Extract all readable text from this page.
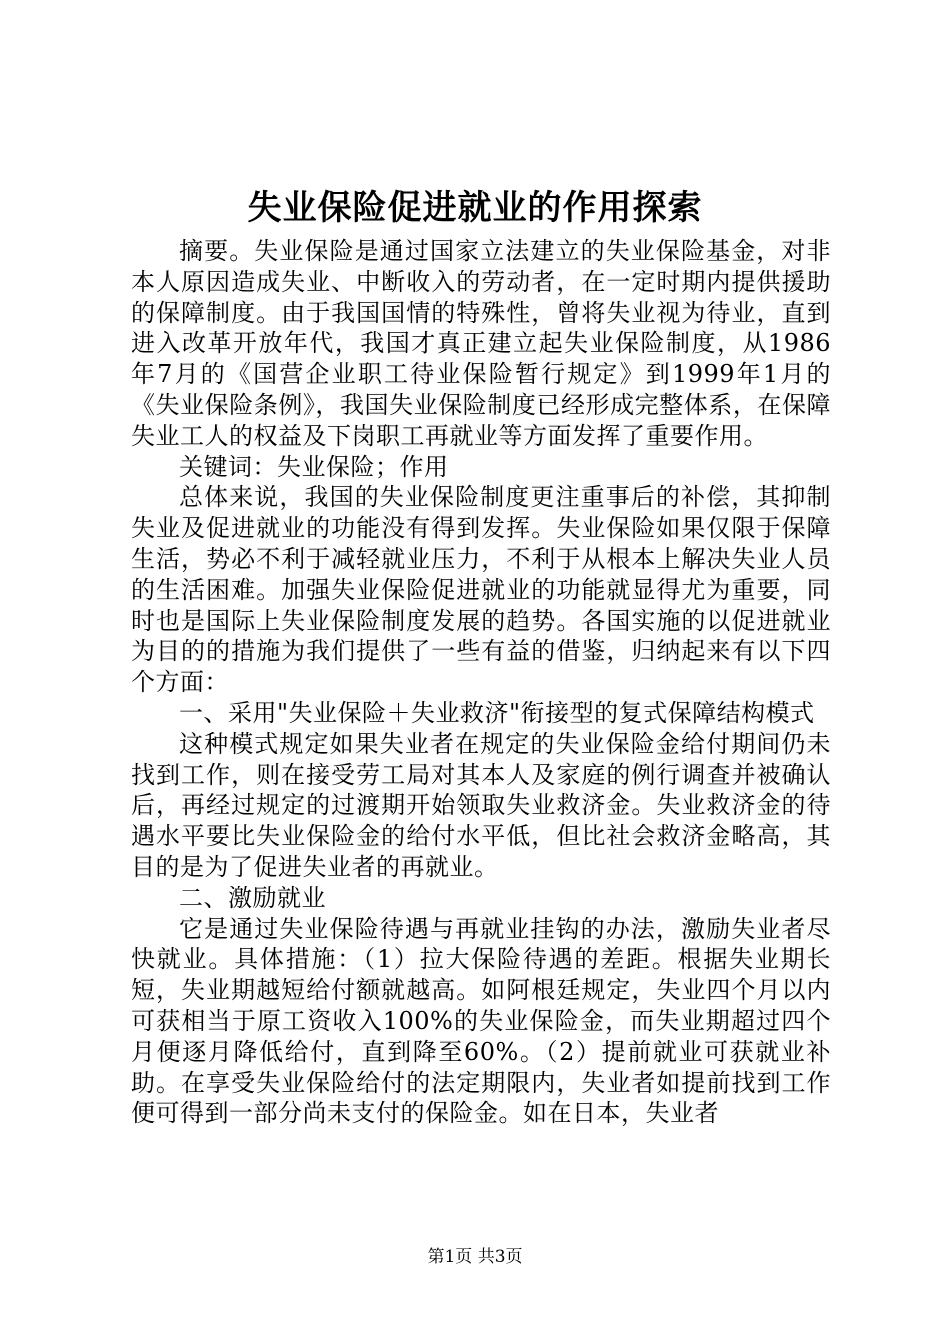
失业保险促进就业的作用探索

摘要。失业保险是通过国家立法建立的失业保险基金，对非本人原因造成失业、中断收入的劳动者，在一定时期内提供援助的保障制度。由于我国国情的特殊性，曾将失业视为待业，直到进入改革开放年代，我国才真正建立起失业保险制度，从1986年7月的《国营企业职工待业保险暂行规定》到1999年1月的《失业保险条例》，我国失业保险制度已经形成完整体系，在保障失业工人的权益及下岗职工再就业等方面发挥了重要作用。

关键词：失业保险；作用

总体来说，我国的失业保险制度更注重事后的补偿，其抑制失业及促进就业的功能没有得到发挥。失业保险如果仅限于保障生活，势必不利于减轻就业压力，不利于从根本上解决失业人员的生活困难。加强失业保险促进就业的功能就显得尤为重要，同时也是国际上失业保险制度发展的趋势。各国实施的以促进就业为目的的措施为我们提供了一些有益的借鉴，归纳起来有以下四个方面：

一、采用"失业保险＋失业救济"衔接型的复式保障结构模式

这种模式规定如果失业者在规定的失业保险金给付期间仍未找到工作，则在接受劳工局对其本人及家庭的例行调查并被确认后，再经过规定的过渡期开始领取失业救济金。失业救济金的待遇水平要比失业保险金的给付水平低，但比社会救济金略高，其目的是为了促进失业者的再就业。

二、激励就业

它是通过失业保险待遇与再就业挂钩的办法，激励失业者尽快就业。具体措施：（1）拉大保险待遇的差距。根据失业期长短，失业期越短给付额就越高。如阿根廷规定，失业四个月以内可获相当于原工资收入100%的失业保险金，而失业期超过四个月便逐月降低给付，直到降至60%。（2）提前就业可获就业补助。在享受失业保险给付的法定期限内，失业者如提前找到工作便可得到一部分尚未支付的保险金。如在日本，失业者

第1页 共3页
